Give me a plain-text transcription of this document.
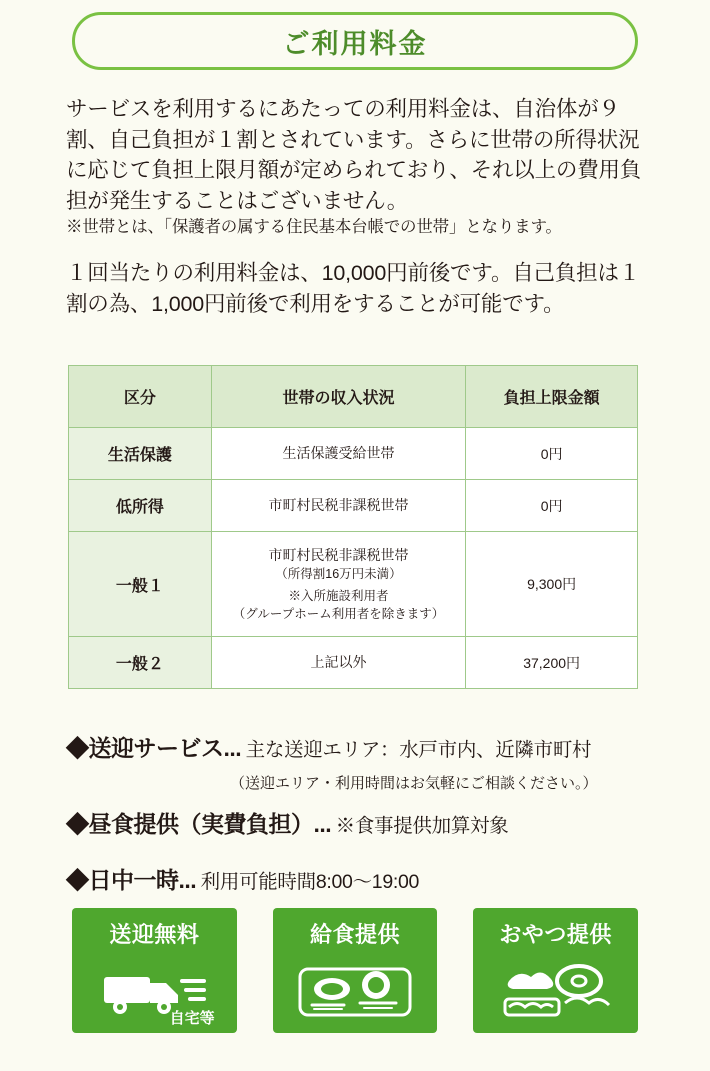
ご利用料金
サービスを利用するにあたっての利用料金は、自治体が９割、自己負担が１割とされています。さらに世帯の所得状況に応じて負担上限月額が定められており、それ以上の費用負担が発生することはございません。
※世帯とは、「保護者の属する住民基本台帳での世帯」となります。
１回当たりの利用料金は、10,000円前後です。自己負担は１割の為、1,000円前後で利用をすることが可能です。
区分	世帯の収入状況	負担上限金額
生活保護	生活保護受給世帯	0円
低所得	市町村民税非課税世帯	0円
一般１	市町村民税非課税世帯
（所得割16万円未満）
※入所施設利用者
（グループホーム利用者を除きます）	9,300円
一般２	上記以外	37,200円
◆送迎サービス... 主な送迎エリア：水戸市内、近隣市町村
（送迎エリア・利用時間はお気軽にご相談ください。）
◆昼食提供（実費負担）... ※食事提供加算対象
◆日中一時... 利用可能時間8:00〜19:00
送迎無料
自宅等
給食提供	おやつ提供
